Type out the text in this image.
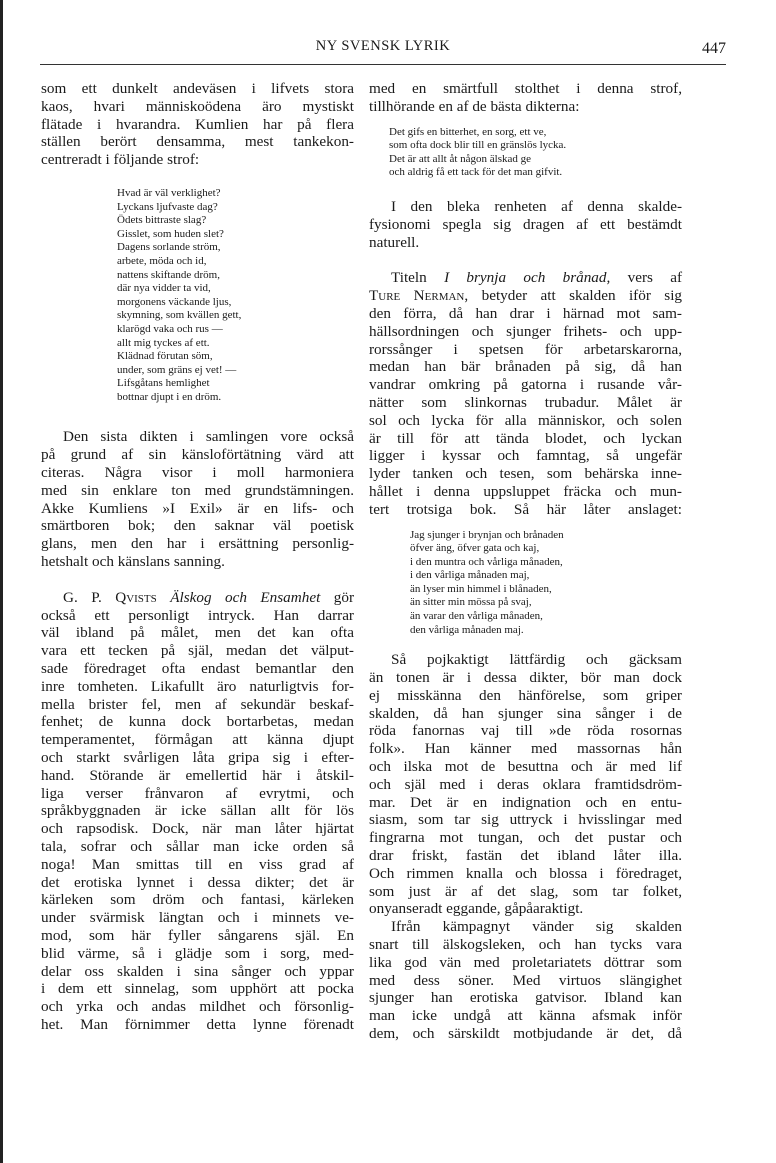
NY SVENSK LYRIK	447
som ett dunkelt andeväsen i lifvets stora
kaos, hvari människoödena äro mystiskt
flätade i hvarandra. Kumlien har på flera
ställen berört densamma, mest tankekon-
centreradt i följande strof:
Hvad är väl verklighet?
Lyckans ljufvaste dag?
Ödets bittraste slag?
Gisslet, som huden slet?
Dagens sorlande ström,
arbete, möda och id,
nattens skiftande dröm,
där nya vidder ta vid,
morgonens väckande ljus,
skymning, som kvällen gett,
klarögd vaka och rus —
allt mig tyckes af ett.
Klädnad förutan söm,
under, som gräns ej vet! —
Lifsgåtans hemlighet
bottnar djupt i en dröm.
Den sista dikten i samlingen vore också
på grund af sin känsloförtätning värd att
citeras. Några visor i moll harmoniera
med sin enklare ton med grundstämningen.
Akke Kumliens »I Exil» är en lifs- och
smärtboren bok; den saknar väl poetisk
glans, men den har i ersättning personlig-
hetshalt och känslans sanning.
G. P. Qvists Älskog och Ensamhet gör
också ett personligt intryck. Han darrar
väl ibland på målet, men det kan ofta
vara ett tecken på själ, medan det välput-
sade föredraget ofta endast bemantlar den
inre tomheten. Likafullt äro naturligtvis for-
mella brister fel, men af sekundär beskaf-
fenhet; de kunna dock bortarbetas, medan
temperamentet, förmågan att känna djupt
och starkt svårligen låta gripa sig i efter-
hand. Störande är emellertid här i åtskil-
liga verser frånvaron af evrytmi, och
språkbyggnaden är icke sällan allt för lös
och rapsodisk. Dock, när man låter hjärtat
tala, sofrar och sållar man icke orden så
noga! Man smittas till en viss grad af
det erotiska lynnet i dessa dikter; det är
kärleken som dröm och fantasi, kärleken
under svärmisk längtan och i minnets ve-
mod, som här fyller sångarens själ. En
blid värme, så i glädje som i sorg, med-
delar oss skalden i sina sånger och yppar
i dem ett sinnelag, som upphört att pocka
och yrka och andas mildhet och försonlig-
het. Man förnimmer detta lynne förenadt
med en smärtfull stolthet i denna strof,
tillhörande en af de bästa dikterna:
Det gifs en bitterhet, en sorg, ett ve,
som ofta dock blir till en gränslös lycka.
Det är att allt åt någon älskad ge
och aldrig få ett tack för det man gifvit.
I den bleka renheten af denna skalde-
fysionomi spegla sig dragen af ett bestämdt
naturell.
Titeln I brynja och brånad, vers af
Ture Nerman, betyder att skalden iför sig
den förra, då han drar i härnad mot sam-
hällsordningen och sjunger frihets- och upp-
rorssånger i spetsen för arbetarskarorna,
medan han bär brånaden på sig, då han
vandrar omkring på gatorna i rusande vår-
nätter som slinkornas trubadur. Målet är
sol och lycka för alla människor, och solen
är till för att tända blodet, och lyckan
ligger i kyssar och famntag, så ungefär
lyder tanken och tesen, som behärska inne-
hållet i denna uppsluppet fräcka och mun-
tert trotsiga bok. Så här låter anslaget:
Jag sjunger i brynjan och brånaden
öfver äng, öfver gata och kaj,
i den muntra och vårliga månaden,
i den vårliga månaden maj,
än lyser min himmel i blånaden,
än sitter min mössa på svaj,
än varar den vårliga månaden,
den vårliga månaden maj.
Så pojkaktigt lättfärdig och gäcksam
än tonen är i dessa dikter, bör man dock
ej misskänna den hänförelse, som griper
skalden, då han sjunger sina sånger i de
röda fanornas vaj till »de röda rosornas
folk». Han känner med massornas hån
och ilska mot de besuttna och är med lif
och själ med i deras oklara framtidsdröm-
mar. Det är en indignation och en entu-
siasm, som tar sig uttryck i hvisslingar med
fingrarna mot tungan, och det pustar och
drar friskt, fastän det ibland låter illa.
Och rimmen knalla och blossa i föredraget,
som just är af det slag, som tar folket,
onyanseradt eggande, gåpåaraktigt.
Ifrån kämpagnyt vänder sig skalden
snart till älskogsleken, och han tycks vara
lika god vän med proletariatets döttrar som
med dess söner. Med virtuos slängighet
sjunger han erotiska gatvisor. Ibland kan
man icke undgå att känna afsmak inför
dem, och särskildt motbjudande är det, då
